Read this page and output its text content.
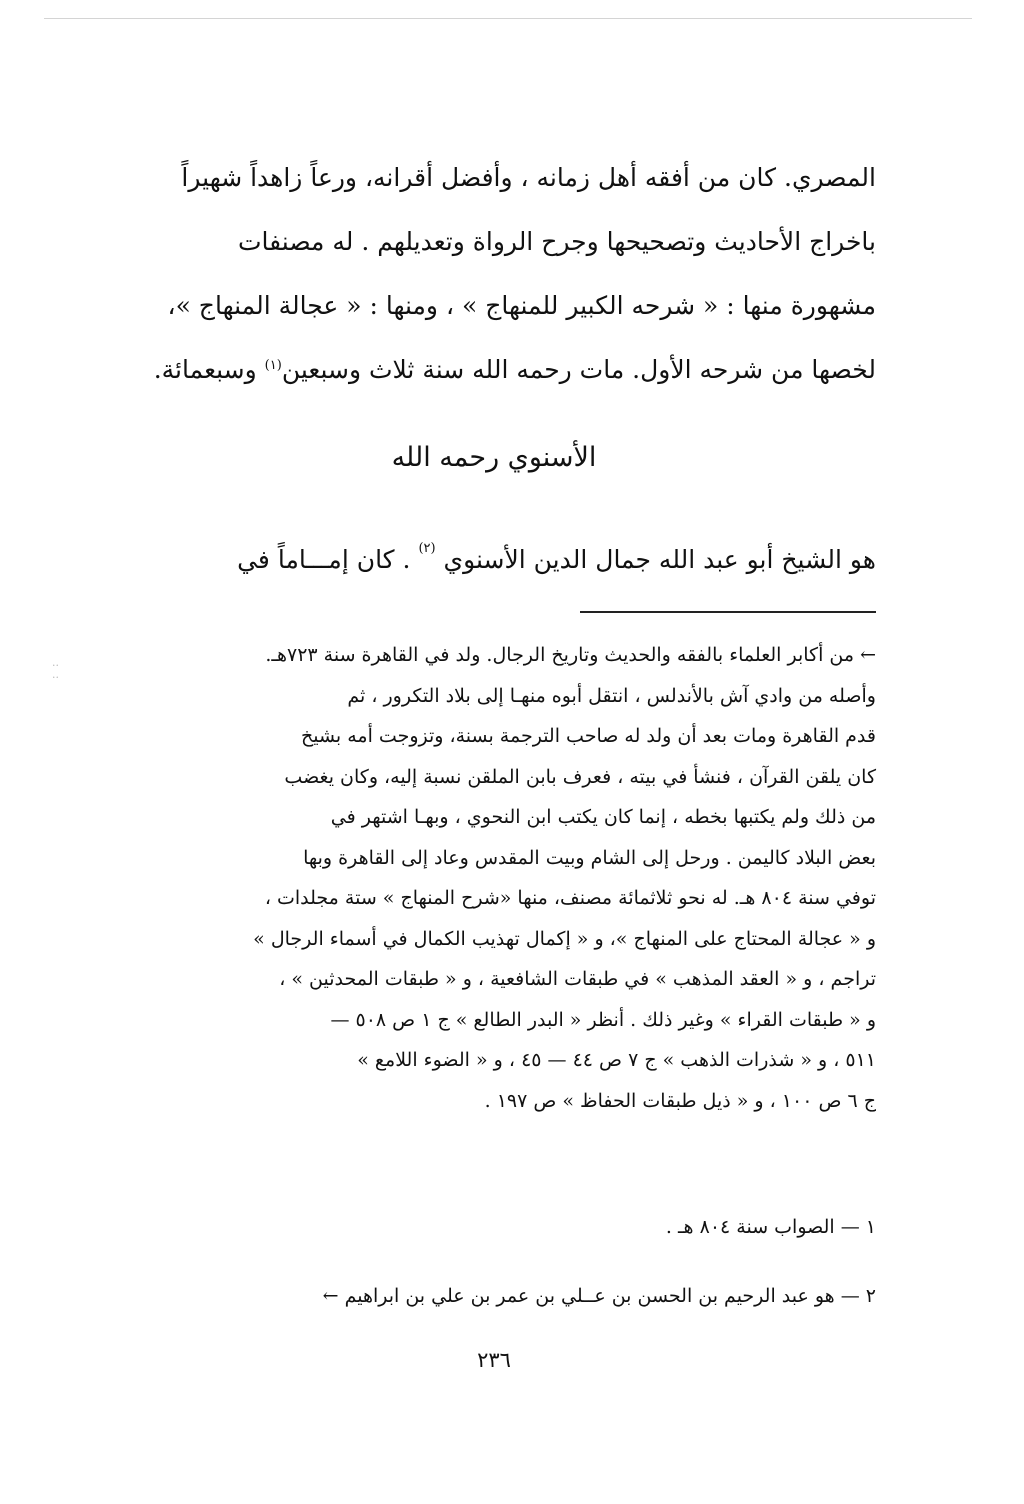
··
··
المصري. كان من أفقه أهل زمانه ، وأفضل أقرانه، ورعاً زاهداً شهيراً
باخراج الأحاديث وتصحيحها وجرح الرواة وتعديلهم . له مصنفات
مشهورة منها : « شرحه الكبير للمنهاج » ، ومنها : « عجالة المنهاج »،
لخصها من شرحه الأول. مات رحمه الله سنة ثلاث وسبعين$^{(١)}$ وسبعمائة.
الأسنوي رحمه الله
هو الشيخ أبو عبد الله جمال الدين الأسنوي $^{(٢)}$ . كان إمـــاماً في
← من أكابر العلماء بالفقه والحديث وتاريخ الرجال. ولد في القاهرة سنة ٧٢٣هـ.
وأصله من وادي آش بالأندلس ، انتقل أبوه منهـا إلى بلاد التكرور ، ثم
قدم القاهرة ومات بعد أن ولد له صاحب الترجمة بسنة، وتزوجت أمه بشيخ
كان يلقن القرآن ، فنشأ في بيته ، فعرف بابن الملقن نسبة إليه، وكان يغضب
من ذلك ولم يكتبها بخطه ، إنما كان يكتب ابن النحوي ، وبهـا اشتهر في
بعض البلاد كاليمن . ورحل إلى الشام وبيت المقدس وعاد إلى القاهرة وبها
توفي سنة ٨٠٤ هـ. له نحو ثلاثمائة مصنف، منها «شرح المنهاج » ستة مجلدات ،
و « عجالة المحتاج على المنهاج »، و « إكمال تهذيب الكمال في أسماء الرجال »
تراجم ، و « العقد المذهب » في طبقات الشافعية ، و « طبقات المحدثين » ،
و « طبقات القراء » وغير ذلك . أنظر « البدر الطالع » ج ١ ص ٥٠٨ —
٥١١ ، و « شذرات الذهب » ج ٧ ص ٤٤ — ٤٥ ، و « الضوء اللامع »
ج ٦ ص ١٠٠ ، و « ذيل طبقات الحفاظ » ص ١٩٧ .
١ — الصواب سنة ٨٠٤ هـ .
٢ — هو عبد الرحيم بن الحسن بن عــلي بن عمر بن علي بن ابراهيم ←
٢٣٦
